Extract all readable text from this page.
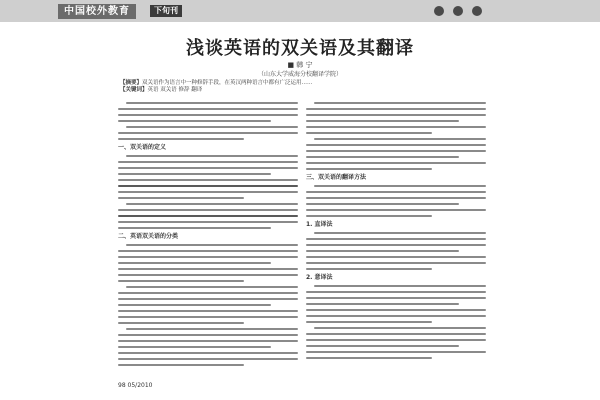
中国校外教育	下旬刊
浅谈英语的双关语及其翻译
■ 韩 宁
（山东大学威海分校翻译学院）
【摘要】双关语作为语言中一种修辞手段，在英汉两种语言中都有广泛运用……
【关键词】英语 双关语 修辞 翻译
一、双关语的定义
二、英语双关语的分类
三、双关语的翻译方法
1. 直译法
2. 意译法
98 05/2010
